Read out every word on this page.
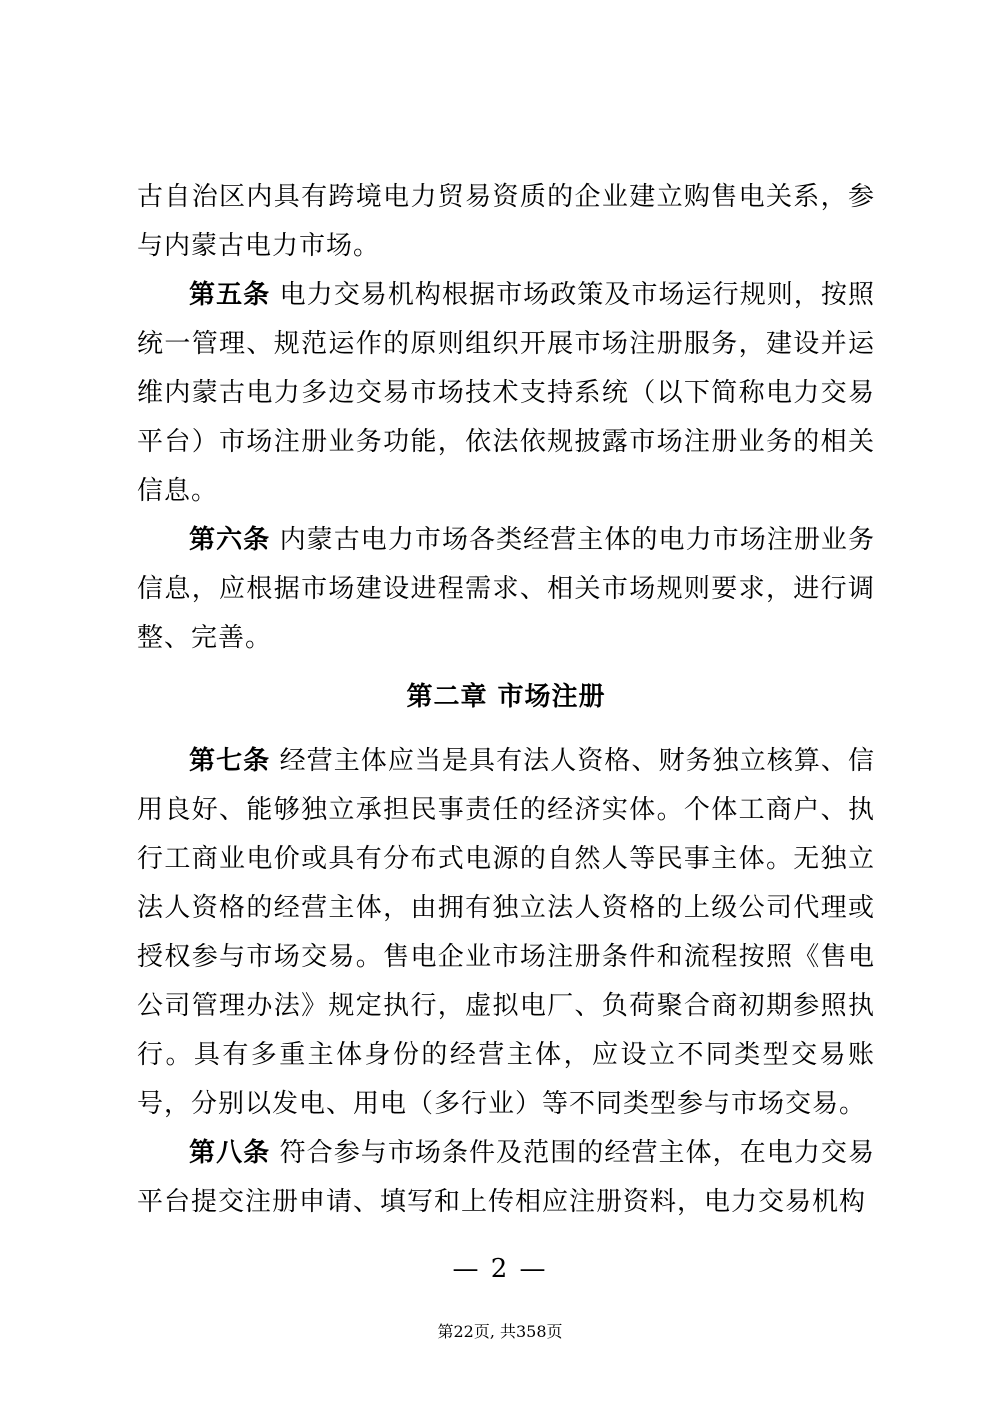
古自治区内具有跨境电力贸易资质的企业建立购售电关系，参与内蒙古电力市场。

第五条 电力交易机构根据市场政策及市场运行规则，按照统一管理、规范运作的原则组织开展市场注册服务，建设并运维内蒙古电力多边交易市场技术支持系统（以下简称电力交易平台）市场注册业务功能，依法依规披露市场注册业务的相关信息。

第六条 内蒙古电力市场各类经营主体的电力市场注册业务信息，应根据市场建设进程需求、相关市场规则要求，进行调整、完善。

第二章 市场注册

第七条 经营主体应当是具有法人资格、财务独立核算、信用良好、能够独立承担民事责任的经济实体。个体工商户、执行工商业电价或具有分布式电源的自然人等民事主体。无独立法人资格的经营主体，由拥有独立法人资格的上级公司代理或授权参与市场交易。售电企业市场注册条件和流程按照《售电公司管理办法》规定执行，虚拟电厂、负荷聚合商初期参照执行。具有多重主体身份的经营主体，应设立不同类型交易账号，分别以发电、用电（多行业）等不同类型参与市场交易。

第八条 符合参与市场条件及范围的经营主体，在电力交易平台提交注册申请、填写和上传相应注册资料，电力交易机构

— 2 —
第22页, 共358页
